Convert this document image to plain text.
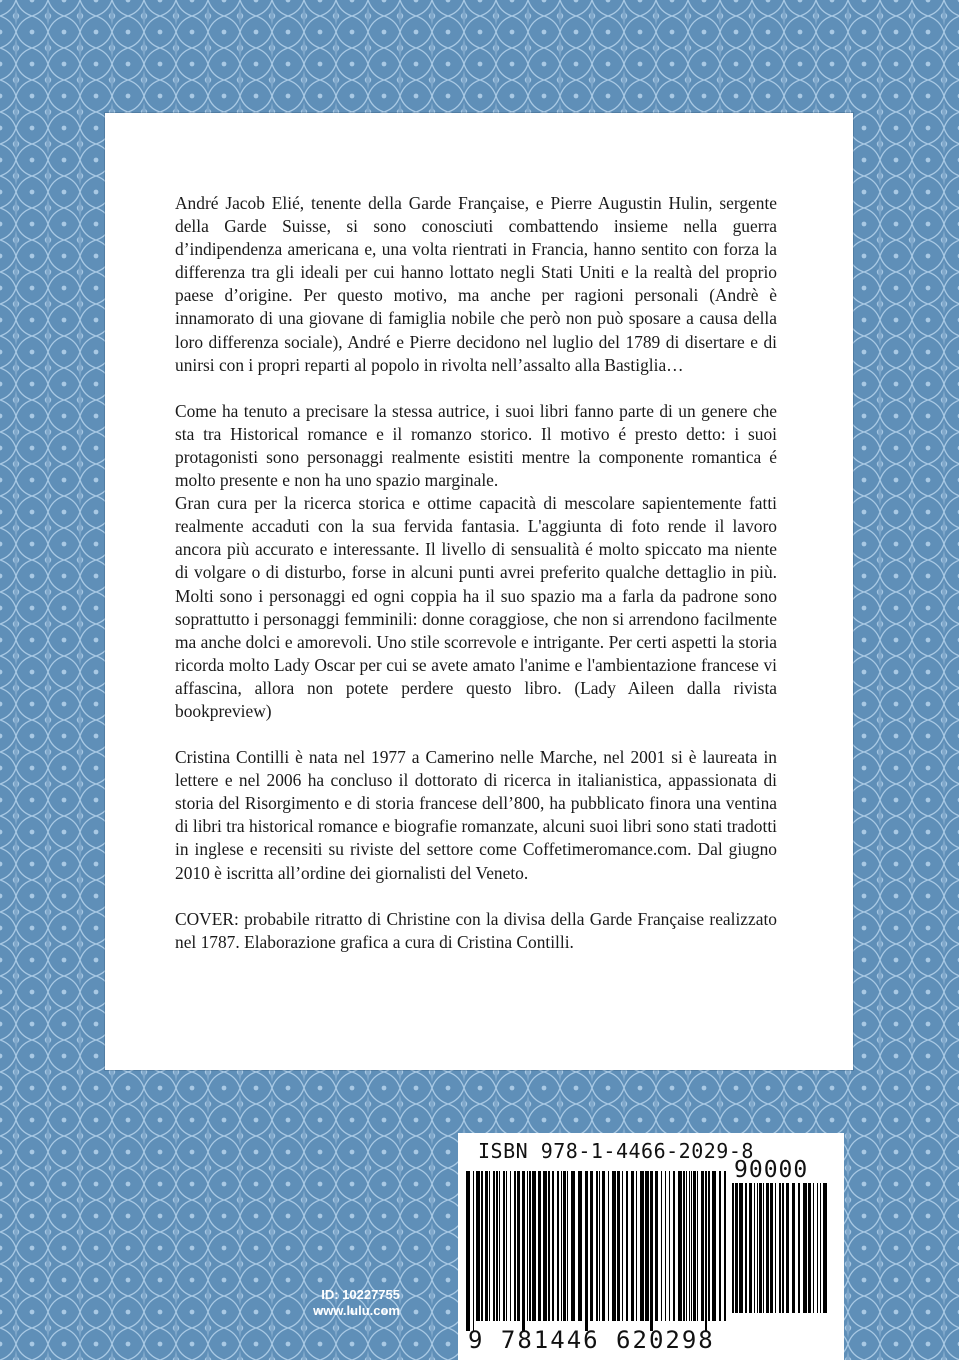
André Jacob Elié, tenente della Garde Française, e Pierre Augustin Hulin, sergente della Garde Suisse, si sono conosciuti combattendo insieme nella guerra d’indipendenza americana e, una volta rientrati in Francia, hanno sentito con forza la differenza tra gli ideali per cui hanno lottato negli Stati Uniti e la realtà del proprio paese d’origine. Per questo motivo, ma anche per ragioni personali (Andrè è innamorato di una giovane di famiglia nobile che però non può sposare a causa della loro differenza sociale), André e Pierre decidono nel luglio del 1789 di disertare e di unirsi con i propri reparti al popolo in rivolta nell’assalto alla Bastiglia…

Come ha tenuto a precisare la stessa autrice, i suoi libri fanno parte di un genere che sta tra Historical romance e il romanzo storico. Il motivo é presto detto: i suoi protagonisti sono personaggi realmente esistiti mentre la componente romantica é molto presente e non ha uno spazio marginale.

Gran cura per la ricerca storica e ottime capacità di mescolare sapientemente fatti realmente accaduti con la sua fervida fantasia. L'aggiunta di foto rende il lavoro ancora più accurato e interessante. Il livello di sensualità é molto spiccato ma niente di volgare o di disturbo, forse in alcuni punti avrei preferito qualche dettaglio in più. Molti sono i personaggi ed ogni coppia ha il suo spazio ma a farla da padrone sono soprattutto i personaggi femminili: donne coraggiose, che non si arrendono facilmente ma anche dolci e amorevoli. Uno stile scorrevole e intrigante. Per certi aspetti la storia ricorda molto Lady Oscar per cui se avete amato l'anime e l'ambientazione francese vi affascina, allora non potete perdere questo libro. (Lady Aileen dalla rivista bookpreview)

Cristina Contilli è nata nel 1977 a Camerino nelle Marche, nel 2001 si è laureata in lettere e nel 2006 ha concluso il dottorato di ricerca in italianistica, appassionata di storia del Risorgimento e di storia francese dell’800, ha pubblicato finora una ventina di libri tra historical romance e biografie romanzate, alcuni suoi libri sono stati tradotti in inglese e recensiti su riviste del settore come Coffetimeromance.com. Dal giugno 2010 è iscritta all’ordine dei giornalisti del Veneto.

COVER: probabile ritratto di Christine con la divisa della Garde Française realizzato nel 1787. Elaborazione grafica a cura di Cristina Contilli.

ISBN 978-1-4466-2029-8
90000
9 781446 620298
ID: 10227755
www.lulu.com
